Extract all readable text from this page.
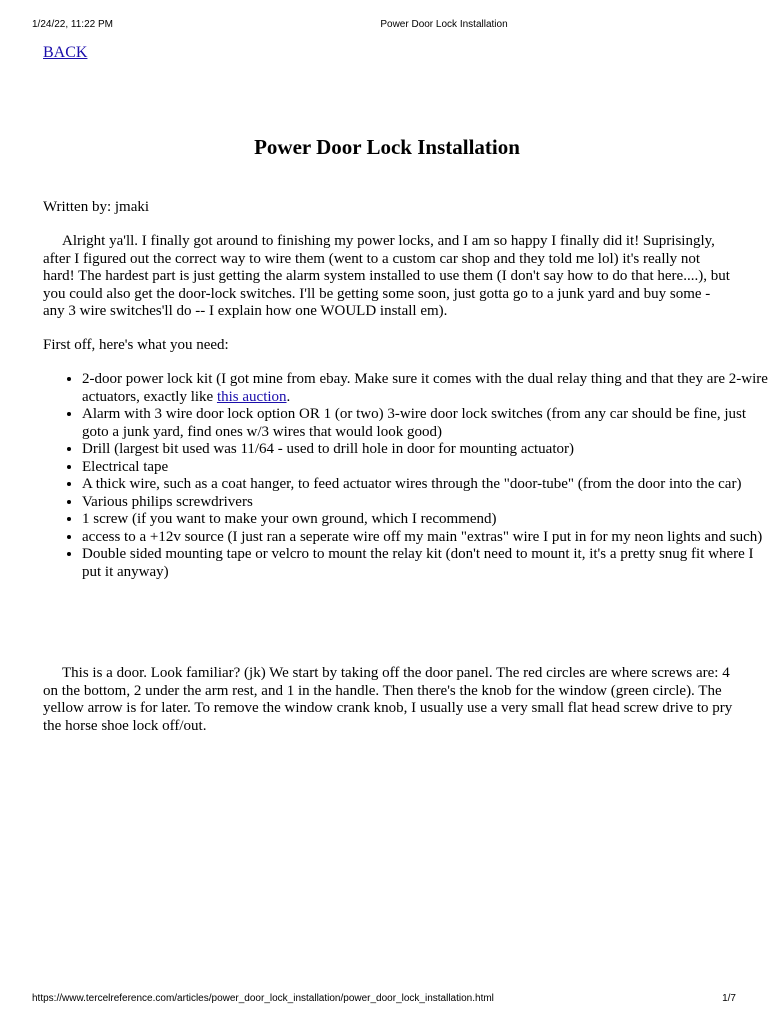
1/24/22, 11:22 PM	Power Door Lock Installation
BACK
Power Door Lock Installation
Written by: jmaki

Alright ya'll. I finally got around to finishing my power locks, and I am so happy I finally did it! Suprisingly, after I figured out the correct way to wire them (went to a custom car shop and they told me lol) it's really not hard! The hardest part is just getting the alarm system installed to use them (I don't say how to do that here....), but you could also get the door-lock switches. I'll be getting some soon, just gotta go to a junk yard and buy some - any 3 wire switches'll do -- I explain how one WOULD install em).

First off, here's what you need:

• 2-door power lock kit (I got mine from ebay. Make sure it comes with the dual relay thing and that they are 2-wire actuators, exactly like this auction.
• Alarm with 3 wire door lock option OR 1 (or two) 3-wire door lock switches (from any car should be fine, just goto a junk yard, find ones w/3 wires that would look good)
• Drill (largest bit used was 11/64 - used to drill hole in door for mounting actuator)
• Electrical tape
• A thick wire, such as a coat hanger, to feed actuator wires through the "door-tube" (from the door into the car)
• Various philips screwdrivers
• 1 screw (if you want to make your own ground, which I recommend)
• access to a +12v source (I just ran a seperate wire off my main "extras" wire I put in for my neon lights and such)
• Double sided mounting tape or velcro to mount the relay kit (don't need to mount it, it's a pretty snug fit where I put it anyway)

This is a door. Look familiar? (jk) We start by taking off the door panel. The red circles are where screws are: 4 on the bottom, 2 under the arm rest, and 1 in the handle. Then there's the knob for the window (green circle). The yellow arrow is for later. To remove the window crank knob, I usually use a very small flat head screw drive to pry the horse shoe lock off/out.

https://www.tercelreference.com/articles/power_door_lock_installation/power_door_lock_installation.html	1/7
